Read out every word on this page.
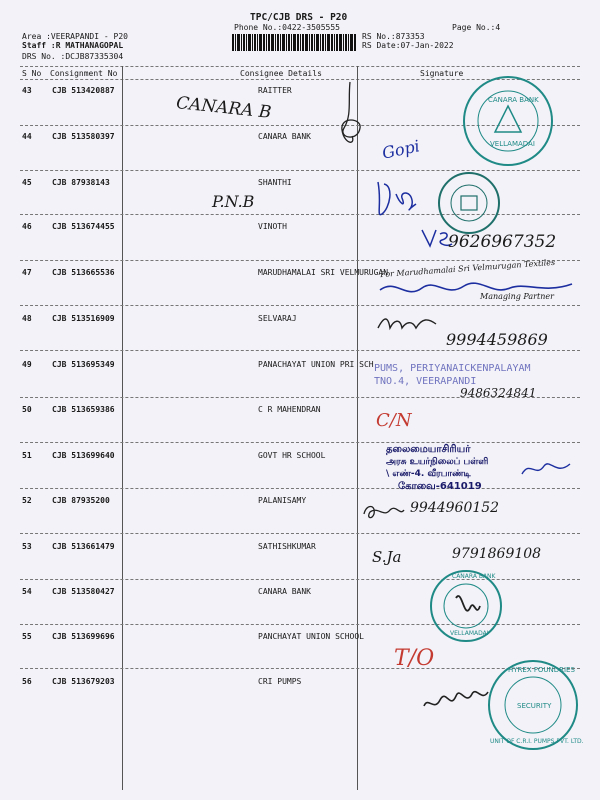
TPC/CJB DRS - P20
Phone No.:0422-3505555	Page No.:4
Area :VEERAPANDI - P20
Staff :R MATHANAGOPAL
DRS No. :DCJB87335304
RS No.:873353
RS Date:07-Jan-2022
S No Consignment No	Consignee Details	Signature
43	CJB 513420887	RAITTER
44	CJB 513580397	CANARA BANK
45	CJB 87938143	SHANTHI
46	CJB 513674455	VINOTH
47	CJB 513665536	MARUDHAMALAI SRI VELMURUGAN
48	CJB 513516909	SELVARAJ
49	CJB 513695349	PANACHAYAT UNION PRI SCH
50	CJB 513659386	C R MAHENDRAN
51	CJB 513699640	GOVT HR SCHOOL
52	CJB 87935200	PALANISAMY
53	CJB 513661479	SATHISHKUMAR
54	CJB 513580427	CANARA BANK
55	CJB 513699696	PANCHAYAT UNION SCHOOL
56	CJB 513679203	CRI PUMPS
CANARA B	CANARA BANK
VELLAMADAI
Gopi
P.N.B
9626967352
For Marudhamalai Sri Velmurugan Textiles
Managing Partner
9994459869
PUMS, PERIYANAICKENPALAYAM
TNO.4, VEERAPANDI
9486324841
C/N
தலைமையாசிரியர்
அரசு உயர்நிலைப் பள்ளி
\ எண்-4. வீரபாண்டி
கோவை-641019
9944960152
S.Ja	9791869108
CANARA BANK
VELLAMADAI
T/O	HYREX FOUNDRIES
SECURITY
UNIT OF C.R.I. PUMPS PVT. LTD.
